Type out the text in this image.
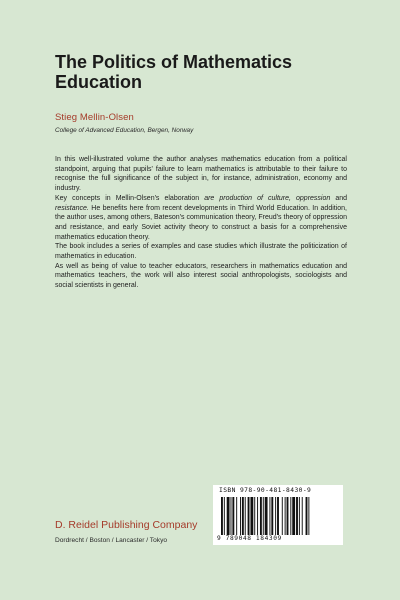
The Politics of Mathematics Education
Stieg Mellin-Olsen
College of Advanced Education, Bergen, Norway

In this well-illustrated volume the author analyses mathematics education from a political standpoint, arguing that pupils' failure to learn mathematics is attributable to their failure to recognise the full significance of the subject in, for instance, administration, economy and industry.

Key concepts in Mellin-Olsen's elaboration are production of culture, oppression and resistance. He benefits here from recent developments in Third World Education. In addition, the author uses, among others, Bateson's communication theory, Freud's theory of oppression and resistance, and early Soviet activity theory to construct a basis for a comprehensive mathematics education theory.

The book includes a series of examples and case studies which illustrate the politicization of mathematics in education.

As well as being of value to teacher educators, researchers in mathematics education and mathematics teachers, the work will also interest social anthropologists, sociologists and social scientists in general.

D. Reidel Publishing Company
Dordrecht / Boston / Lancaster / Tokyo
ISBN 978-90-481-8430-9
9 789048 184309
